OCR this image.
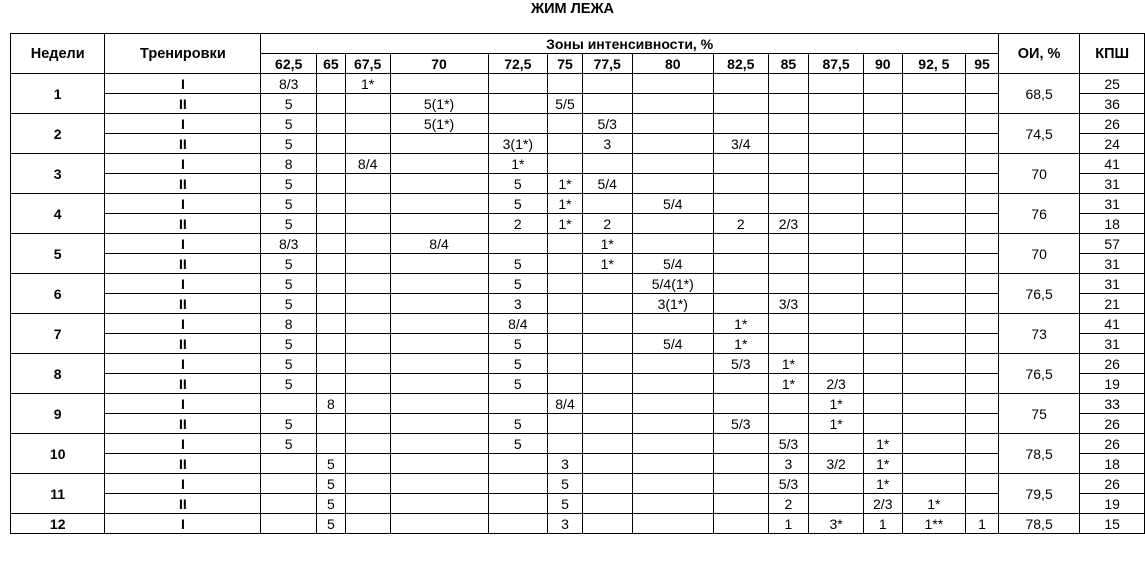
ЖИМ ЛЕЖА
Недели	Тренировки	Зоны интенсивности, %														ОИ, %	КПШ
		62,5	65	67,5	70	72,5	75	77,5	80	82,5	85	87,5	90	92, 5	95		
1	I	8/3		1*												68,5	25
	II	5			5(1*)		5/5										36
2	I	5			5(1*)			5/3								74,5	26
	II	5				3(1*)		3		3/4							24
3	I	8		8/4		1*										70	41
	II	5				5	1*	5/4									31
4	I	5				5	1*		5/4							76	31
	II	5				2	1*	2		2	2/3						18
5	I	8/3			8/4			1*								70	57
	II	5				5		1*	5/4								31
6	I	5				5			5/4(1*)							76,5	31
	II	5				3			3(1*)		3/3						21
7	I	8				8/4				1*						73	41
	II	5				5			5/4	1*							31
8	I	5				5				5/3	1*					76,5	26
	II	5				5					1*	2/3					19
9	I		8				8/4					1*				75	33
	II	5				5				5/3		1*					26
10	I	5				5					5/3		1*			78,5	26
	II		5				3				3	3/2	1*				18
11	I		5				5				5/3		1*			79,5	26
	II		5				5				2		2/3	1*			19
12	I		5				3				1	3*	1	1**	1	78,5	15
